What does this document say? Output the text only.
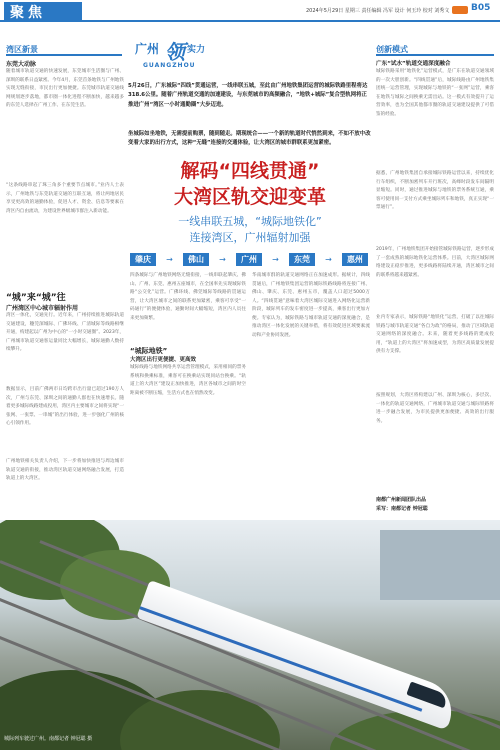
聚焦	2024年5月29日 星期三 责任编辑 冯军 设计 何玉玲 校对 刘秀文 B05
湾区新景
东莞大动脉
随着城市轨道交通的快速发展，东莞城市生活圈与广州、深圳的联系日益紧密。今年4月，东莞首条地铁与广州地铁实现无缝衔接，市民出行更加便捷。东莞城市轨道交通线网规划逐步落地，都市圈一体化进程不断加快，越来越多的东莞人选择在广州工作、在东莞生活。
“这条线路串起了珠三角多个重要节点城市。”业内人士表示，广州地铁与东莞轨道交通的互联互通，将让两地居民享受更高效的通勤体验，促进人才、资金、信息等要素在湾区内自由流动，为建设世界级城市群注入新动能。
“城”来“城”往
广州湾区中心城市辐射作用
湾区一体化，交通先行。近年来，广州持续推进城际轨道交通建设，穗莞深城际、广佛环线、广清城际等线路相继开通，构建起以广州为中心的“一小时交通圈”。2023年，广州城市轨道交通客运量同比大幅增长，城际通勤人数持续攀升。
数据显示，目前广佛两市日均跨市出行量已超过190万人次，广州与东莞、深圳之间的通勤人群也在快速增长。随着更多城际线路建成投用，湾区内主要城市之间将实现“一张网、一张票、一串城”的出行体验，进一步强化广州的核心引领作用。
广州地铁相关负责人介绍，下一步将加快推进与周边城市轨道交通的衔接，推动湾区轨道交通网络融合发展，打造轨道上的大湾区。
广州 领 实力
GUANGZHOU
5月26日，广东城际“四线”贯通运营，一线串联五城，至此由广州地铁集团运营的城际铁路里程将达318.6公里。随着广州轨道交通的加速建设，与东莞城市的高频融合，“地铁+城际”复合型轨网将正推进广州“湾区一小时通勤圈”大步迈进。
坐城际如坐地铁，无需提前购票，随到随走。期现统合——一个新的轨道时代悄然到来，不如不放中改变着大家的出行方式，这种“无缝”连接的交通体验，让大湾区的城市群联系更加紧密。
解码“四线贯通”
大湾区轨交迎变革
一线串联五城，“城际地铁化”
连接湾区，广州辐射加强
肇庆	→	佛山	→	广州	→	东莞	→	惠州
四条城际与广州地铁网络无缝衔接，一线串联起肇庆、佛山、广州、东莞、惠州五座城市，在全国率先实现城际铁路“公交化”运营。广佛环线、佛莞城际等线路的贯通运营，让大湾区城市之间的联系更加紧密，乘客可享受“一码通行”的便捷体验，通勤时间大幅缩短，湾区内人员往来更加频繁。
“城际地铁”
大湾区出行更便捷、更高效
城际线路与地铁网络共享运营管理模式，采用相同的票务系统和换乘标准，乘客可在换乘站实现同站台换乘。“轨道上的大湾区”建设正加快推进，湾区各城市之间的时空距离被不断压缩，生活方式也在悄然改变。
华南城市群的轨道交通网络正在加速成形。据统计，四线贯通后，广州地铁集团运营的城际铁路线路将连接广州、佛山、肇庆、东莞、惠州五市，覆盖人口超过5000万人。“四线贯通”意味着大湾区城际交通进入网络化运营新阶段，城际列车的发车密度进一步提高，乘客出行更加方便。专家认为，城际铁路与城市轨道交通的深度融合，是推动湾区一体化发展的关键举措，将有效促进区域要素流动和产业协同发展。
创新模式
广东“试水”轨道交通深度融合
城际铁路采用“地铁化”运营模式，是广东在轨道交通领域的一次大胆创新。“四线贯通”后，城际线路由广州地铁集团统一运营管理，实现城际与地铁的“一张网”运营，乘客在地铁与城际之间换乘无需出站。这一模式有效提升了运营效率，也为全国其他都市圈的轨道交通建设提供了可借鉴的经验。
据悉，广州地铁集团自承接城际铁路运营以来，持续优化行车组织，不断加密列车开行班次，高峰时段发车间隔明显缩短。同时，通过推进城际与地铁的票务系统互通，乘客可使用同一支付方式乘坐城际列车和地铁，真正实现“一票通行”。
2019年，广州地铁集团开始接管城际铁路运营，逐步形成了一套成熟的城际地铁化运营体系。目前，大湾区城际网络建设正稳步推进，更多线路将陆续开通，湾区城市之间的联系将越来越紧密。
业内专家表示，城际铁路“地铁化”运营，打破了以往城际铁路与城市轨道交通“各自为政”的格局，推动了区域轨道交通网络的深度融合。未来，随着更多线路的建成投用，“轨道上的大湾区”将加速成型，为湾区高质量发展提供有力支撑。
按照规划，大湾区将构建以广州、深圳为核心，多层次、一体化的轨道交通网络，广州城市轨道交通与城际铁路将进一步融合发展，为市民提供更加便捷、高效的出行服务。
南都广州新闻团队出品
采写：南都记者 钟冠聪
城际列车驶过广州。南都记者 钟冠聪 摄
